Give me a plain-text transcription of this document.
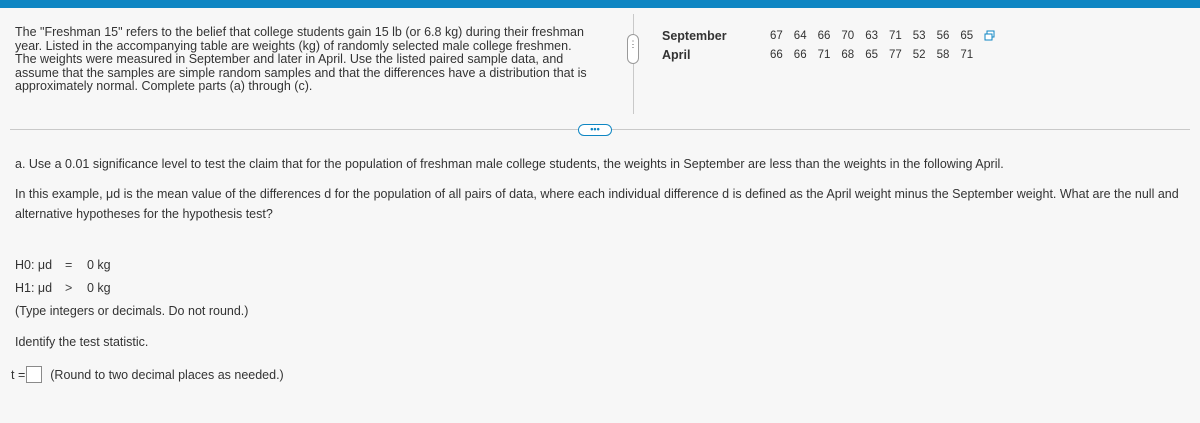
The "Freshman 15" refers to the belief that college students gain 15 lb (or 6.8 kg) during their freshman year. Listed in the accompanying table are weights (kg) of randomly selected male college freshmen. The weights were measured in September and later in April. Use the listed paired sample data, and assume that the samples are simple random samples and that the differences have a distribution that is approximately normal. Complete parts (a) through (c).
⋮
September	67 64 66 70 63 71 53 56 65
April	66 66 71 68 65 77 52 58 71
•••
a. Use a 0.01 significance level to test the claim that for the population of freshman male college students, the weights in September are less than the weights in the following April.
In this example, μd is the mean value of the differences d for the population of all pairs of data, where each individual difference d is defined as the April weight minus the September weight. What are the null and alternative hypotheses for the hypothesis test?
H0: μd	=	0 kg
H1: μd	>	0 kg
(Type integers or decimals. Do not round.)
Identify the test statistic.
t = (Round to two decimal places as needed.)
